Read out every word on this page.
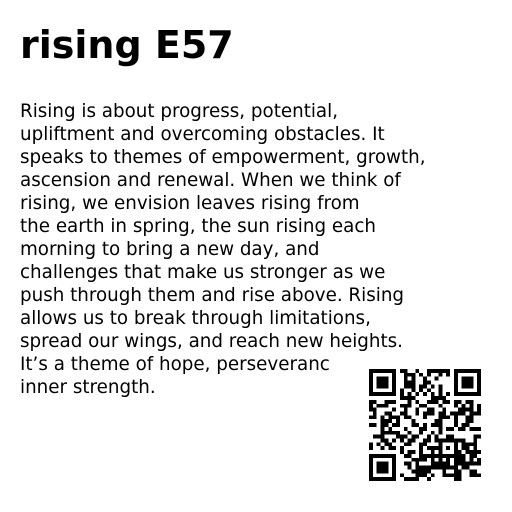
rising E57
Rising is about progress, potential,
upliftment and overcoming obstacles. It
speaks to themes of empowerment, growth,
ascension and renewal. When we think of
rising, we envision leaves rising from
the earth in spring, the sun rising each
morning to bring a new day, and
challenges that make us stronger as we
push through them and rise above. Rising
allows us to break through limitations,
spread our wings, and reach new heights.
It’s a theme of hope, perseveranc
inner strength.
